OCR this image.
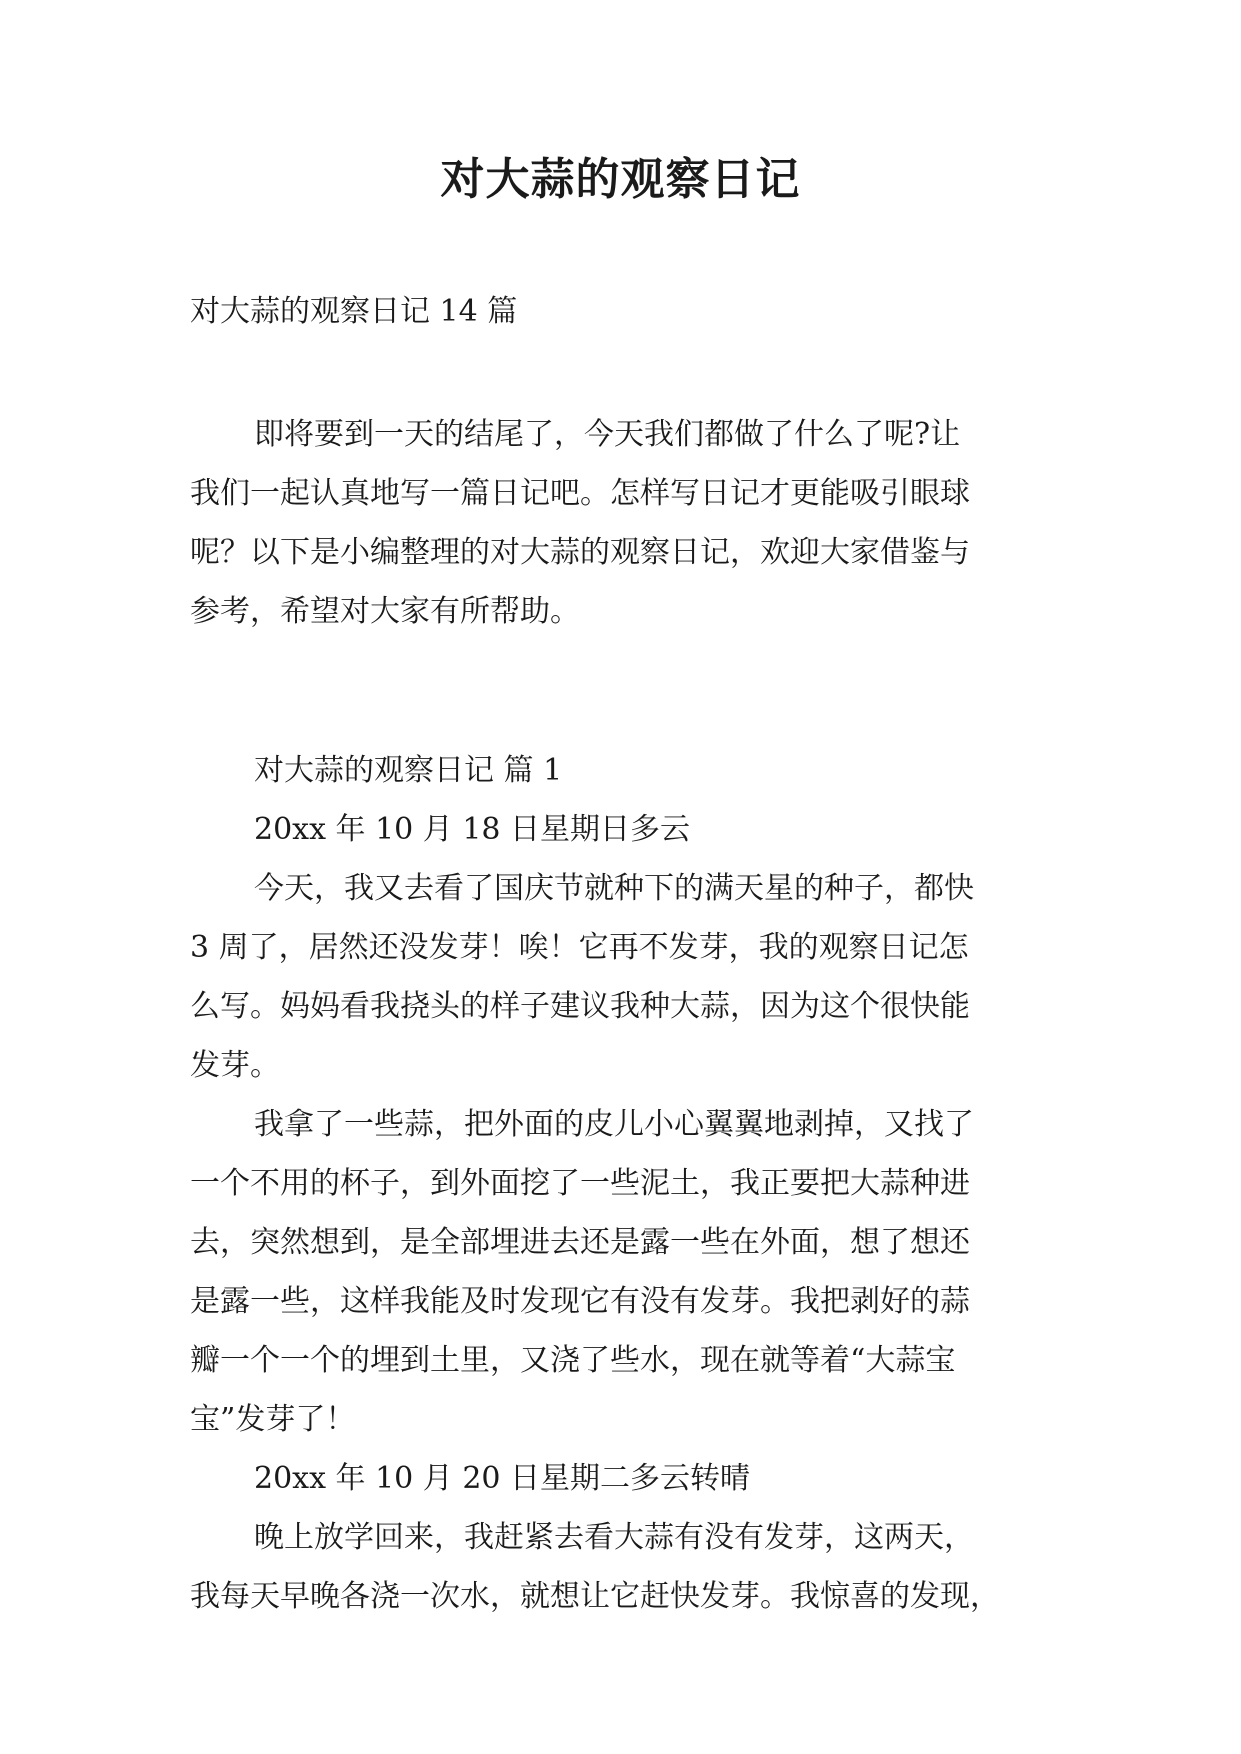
对大蒜的观察日记
对大蒜的观察日记 14 篇
即将要到一天的结尾了，今天我们都做了什么了呢?让
我们一起认真地写一篇日记吧。怎样写日记才更能吸引眼球
呢？以下是小编整理的对大蒜的观察日记，欢迎大家借鉴与
参考，希望对大家有所帮助。
对大蒜的观察日记 篇 1
20xx 年 10 月 18 日星期日多云
今天，我又去看了国庆节就种下的满天星的种子，都快
3 周了，居然还没发芽！唉！它再不发芽，我的观察日记怎
么写。妈妈看我挠头的样子建议我种大蒜，因为这个很快能
发芽。
我拿了一些蒜，把外面的皮儿小心翼翼地剥掉，又找了
一个不用的杯子，到外面挖了一些泥土，我正要把大蒜种进
去，突然想到，是全部埋进去还是露一些在外面，想了想还
是露一些，这样我能及时发现它有没有发芽。我把剥好的蒜
瓣一个一个的埋到土里，又浇了些水，现在就等着“大蒜宝
宝”发芽了！
20xx 年 10 月 20 日星期二多云转晴
晚上放学回来，我赶紧去看大蒜有没有发芽，这两天，
我每天早晚各浇一次水，就想让它赶快发芽。我惊喜的发现，
